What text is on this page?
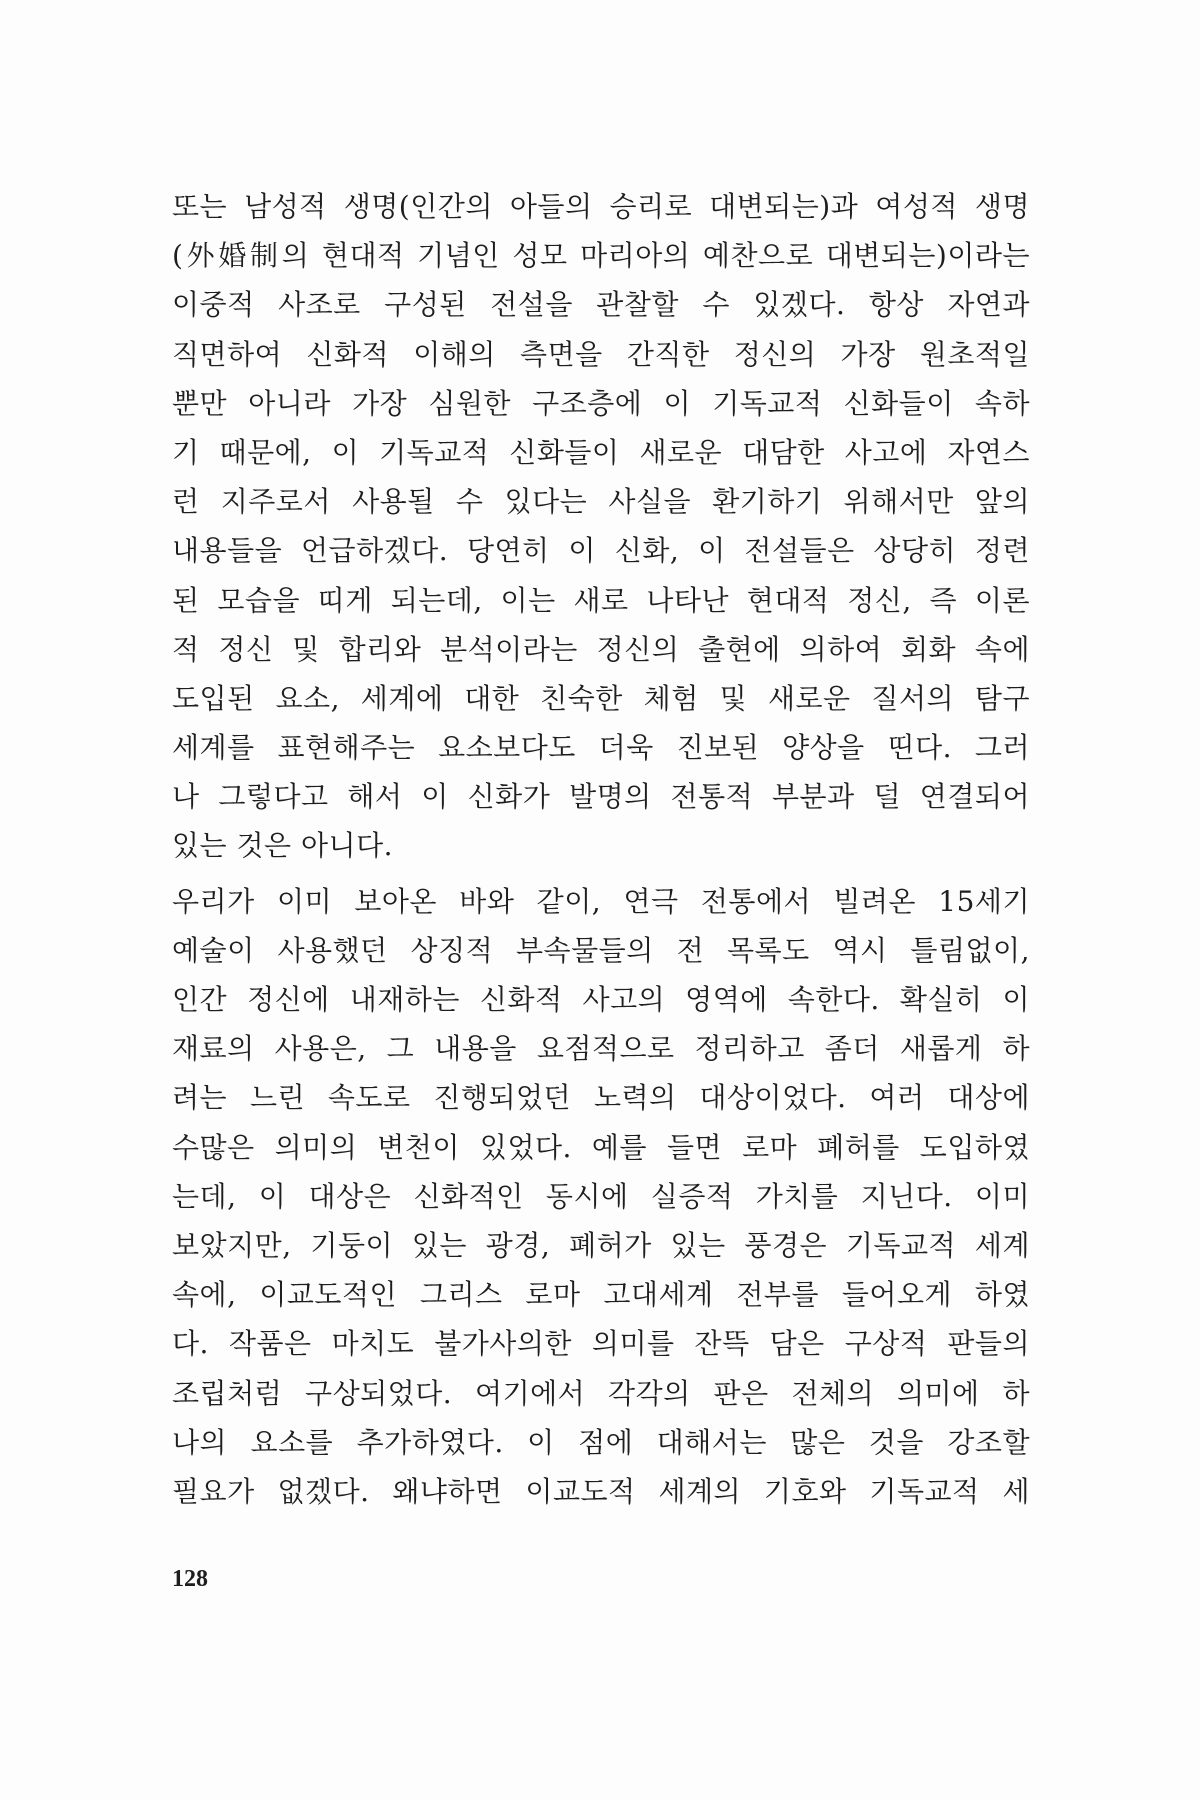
또는 남성적 생명(인간의 아들의 승리로 대변되는)과 여성적 생명
(外婚制의 현대적 기념인 성모 마리아의 예찬으로 대변되는)이라는
이중적 사조로 구성된 전설을 관찰할 수 있겠다. 항상 자연과
직면하여 신화적 이해의 측면을 간직한 정신의 가장 원초적일
뿐만 아니라 가장 심원한 구조층에 이 기독교적 신화들이 속하
기 때문에, 이 기독교적 신화들이 새로운 대담한 사고에 자연스
런 지주로서 사용될 수 있다는 사실을 환기하기 위해서만 앞의
내용들을 언급하겠다. 당연히 이 신화, 이 전설들은 상당히 정련
된 모습을 띠게 되는데, 이는 새로 나타난 현대적 정신, 즉 이론
적 정신 및 합리와 분석이라는 정신의 출현에 의하여 회화 속에
도입된 요소, 세계에 대한 친숙한 체험 및 새로운 질서의 탐구
세계를 표현해주는 요소보다도 더욱 진보된 양상을 띤다. 그러
나 그렇다고 해서 이 신화가 발명의 전통적 부분과 덜 연결되어
있는 것은 아니다.
우리가 이미 보아온 바와 같이, 연극 전통에서 빌려온 15세기
예술이 사용했던 상징적 부속물들의 전 목록도 역시 틀림없이,
인간 정신에 내재하는 신화적 사고의 영역에 속한다. 확실히 이
재료의 사용은, 그 내용을 요점적으로 정리하고 좀더 새롭게 하
려는 느린 속도로 진행되었던 노력의 대상이었다. 여러 대상에
수많은 의미의 변천이 있었다. 예를 들면 로마 폐허를 도입하였
는데, 이 대상은 신화적인 동시에 실증적 가치를 지닌다. 이미
보았지만, 기둥이 있는 광경, 폐허가 있는 풍경은 기독교적 세계
속에, 이교도적인 그리스 로마 고대세계 전부를 들어오게 하였
다. 작품은 마치도 불가사의한 의미를 잔뜩 담은 구상적 판들의
조립처럼 구상되었다. 여기에서 각각의 판은 전체의 의미에 하
나의 요소를 추가하였다. 이 점에 대해서는 많은 것을 강조할
필요가 없겠다. 왜냐하면 이교도적 세계의 기호와 기독교적 세
128
